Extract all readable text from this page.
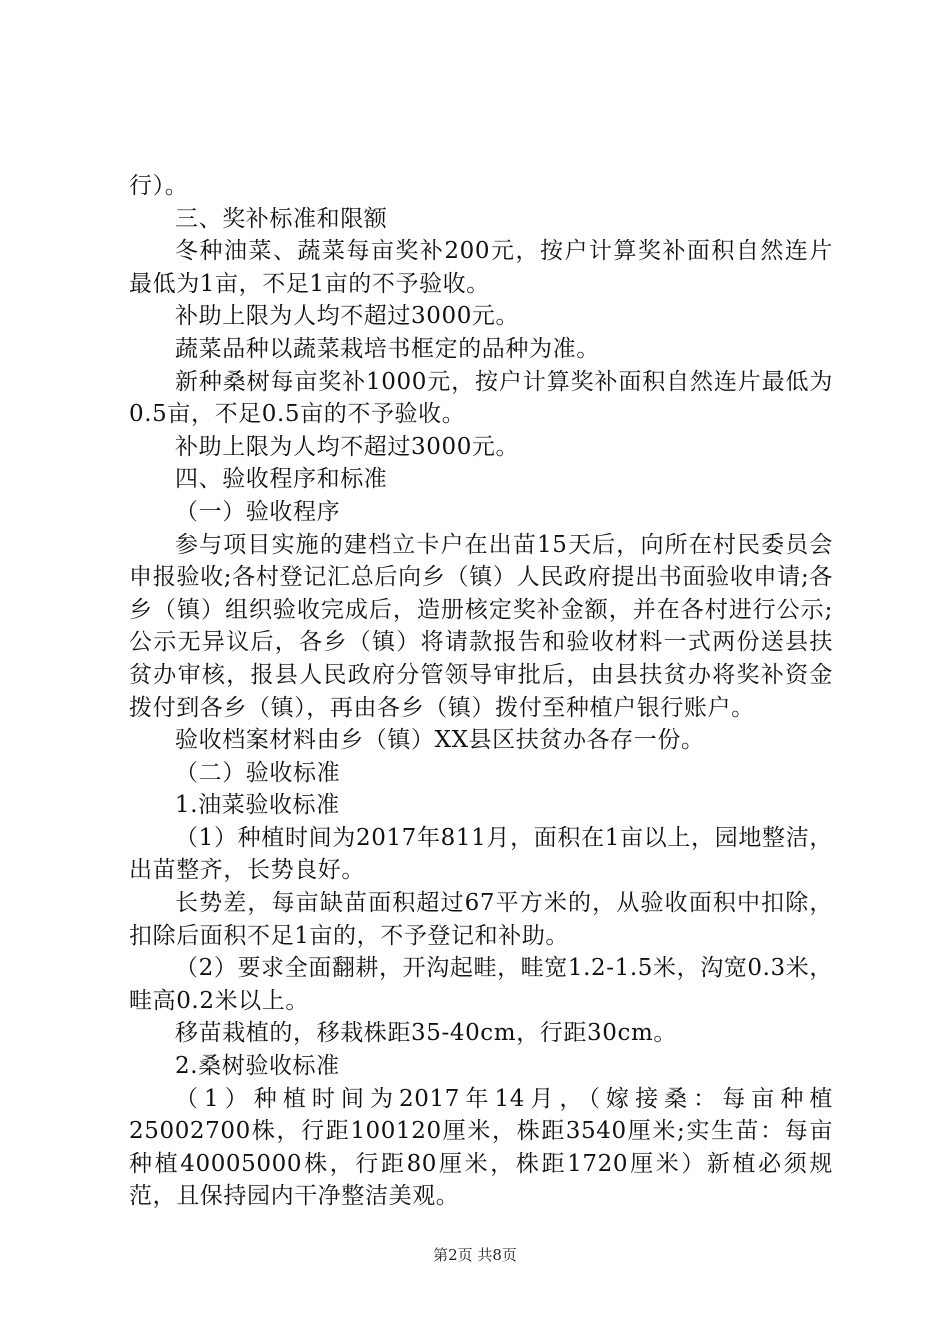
行）。

三、奖补标准和限额

冬种油菜、蔬菜每亩奖补200元，按户计算奖补面积自然连片最低为1亩，不足1亩的不予验收。

补助上限为人均不超过3000元。

蔬菜品种以蔬菜栽培书框定的品种为准。

新种桑树每亩奖补1000元，按户计算奖补面积自然连片最低为0.5亩，不足0.5亩的不予验收。

补助上限为人均不超过3000元。

四、验收程序和标准

（一）验收程序

参与项目实施的建档立卡户在出苗15天后，向所在村民委员会申报验收;各村登记汇总后向乡（镇）人民政府提出书面验收申请;各乡（镇）组织验收完成后，造册核定奖补金额，并在各村进行公示;公示无异议后，各乡（镇）将请款报告和验收材料一式两份送县扶贫办审核，报县人民政府分管领导审批后，由县扶贫办将奖补资金拨付到各乡（镇），再由各乡（镇）拨付至种植户银行账户。

验收档案材料由乡（镇）XX县区扶贫办各存一份。

（二）验收标准

1.油菜验收标准

（1）种植时间为2017年811月，面积在1亩以上，园地整洁，出苗整齐，长势良好。

长势差，每亩缺苗面积超过67平方米的，从验收面积中扣除，扣除后面积不足1亩的，不予登记和补助。

（2）要求全面翻耕，开沟起畦，畦宽1.2-1.5米，沟宽0.3米，畦高0.2米以上。

移苗栽植的，移栽株距35-40cm，行距30cm。

2.桑树验收标准

（1）种植时间为2017年14月，（嫁接桑：每亩种植25002700株，行距100120厘米，株距3540厘米;实生苗：每亩种植40005000株，行距80厘米，株距1720厘米）新植必须规范，且保持园内干净整洁美观。

第2页 共8页
